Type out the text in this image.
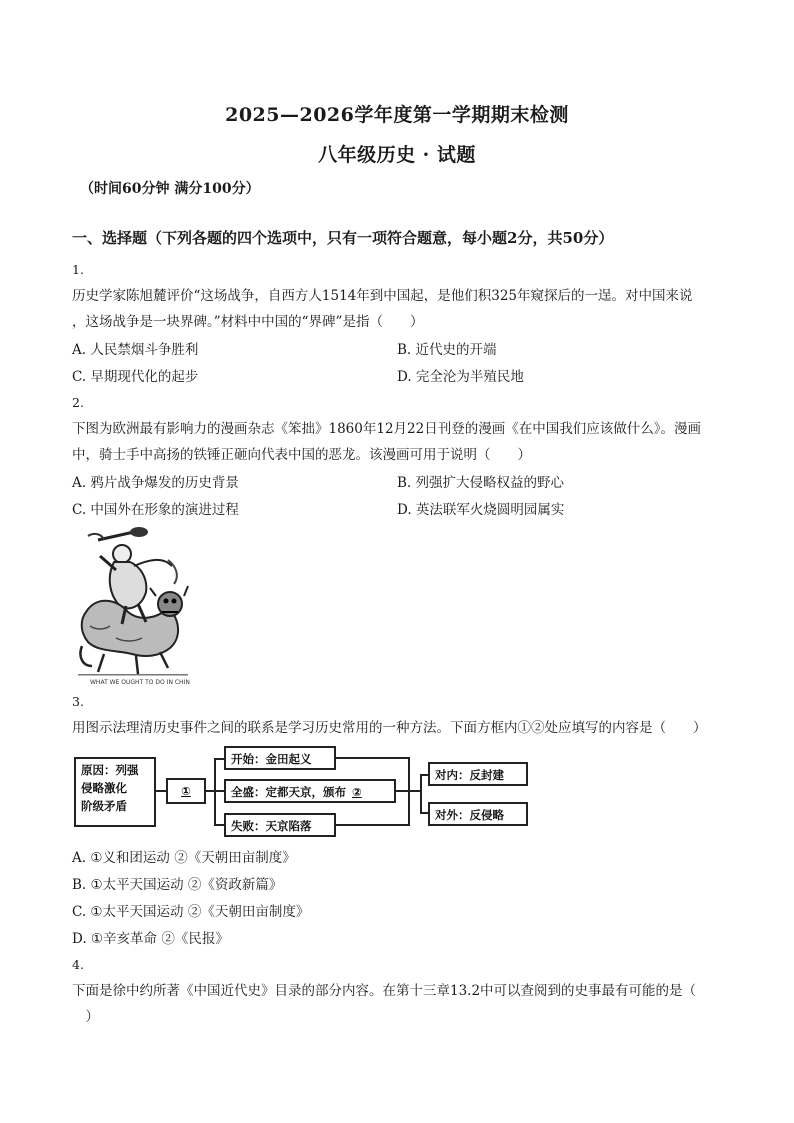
2025—2026学年度第一学期期末检测
八年级历史 · 试题
（时间60分钟 满分100分）
一、选择题（下列各题的四个选项中，只有一项符合题意，每小题2分，共50分）
1.
历史学家陈旭麓评价“这场战争，自西方人1514年到中国起，是他们积325年窥探后的一逞。对中国来说
，这场战争是一块界碑。”材料中中国的“界碑”是指（　　）
A. 人民禁烟斗争胜利	B. 近代史的开端
C. 早期现代化的起步	D. 完全沦为半殖民地
2.
下图为欧洲最有影响力的漫画杂志《笨拙》1860年12月22日刊登的漫画《在中国我们应该做什么》。漫画
中，骑士手中高扬的铁锤正砸向代表中国的恶龙。该漫画可用于说明（　　）
A. 鸦片战争爆发的历史背景	B. 列强扩大侵略权益的野心
C. 中国外在形象的演进过程	D. 英法联军火烧圆明园属实
WHAT WE OUGHT TO DO IN CHINA.
3.
用图示法理清历史事件之间的联系是学习历史常用的一种方法。下面方框内①②处应填写的内容是（　　）
原因：列强
侵略激化
阶级矛盾
①
开始：金田起义
全盛：定都天京，颁布 ②
失败：天京陷落
对内：反封建
对外：反侵略
A. ①义和团运动 ②《天朝田亩制度》
B. ①太平天国运动 ②《资政新篇》
C. ①太平天国运动 ②《天朝田亩制度》
D. ①辛亥革命 ②《民报》
4.
下面是徐中约所著《中国近代史》目录的部分内容。在第十三章13.2中可以查阅到的史事最有可能的是（
　）
